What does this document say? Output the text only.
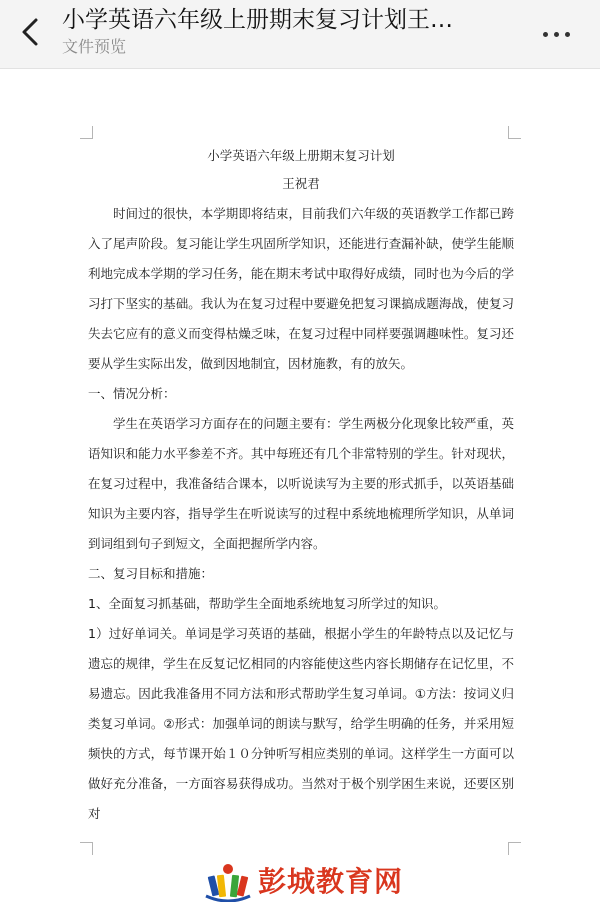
小学英语六年级上册期末复习计划王…
文件预览
小学英语六年级上册期末复习计划
王祝君

时间过的很快，本学期即将结束，目前我们六年级的英语教学工作都已跨入了尾声阶段。复习能让学生巩固所学知识，还能进行查漏补缺，使学生能顺利地完成本学期的学习任务，能在期末考试中取得好成绩，同时也为今后的学习打下坚实的基础。我认为在复习过程中要避免把复习课搞成题海战，使复习失去它应有的意义而变得枯燥乏味，在复习过程中同样要强调趣味性。复习还要从学生实际出发，做到因地制宜，因材施教，有的放矢。

一、情况分析：

学生在英语学习方面存在的问题主要有：学生两极分化现象比较严重，英语知识和能力水平参差不齐。其中每班还有几个非常特别的学生。针对现状，在复习过程中，我准备结合课本，以听说读写为主要的形式抓手，以英语基础知识为主要内容，指导学生在听说读写的过程中系统地梳理所学知识，从单词到词组到句子到短文，全面把握所学内容。

二、复习目标和措施：

1、全面复习抓基础，帮助学生全面地系统地复习所学过的知识。

1）过好单词关。单词是学习英语的基础，根据小学生的年龄特点以及记忆与遗忘的规律，学生在反复记忆相同的内容能使这些内容长期储存在记忆里，不易遗忘。因此我准备用不同方法和形式帮助学生复习单词。①方法：按词义归类复习单词。②形式：加强单词的朗读与默写，给学生明确的任务，并采用短频快的方式，每节课开始１０分钟听写相应类别的单词。这样学生一方面可以做好充分准备，一方面容易获得成功。当然对于极个别学困生来说，还要区别对

彭城教育网
